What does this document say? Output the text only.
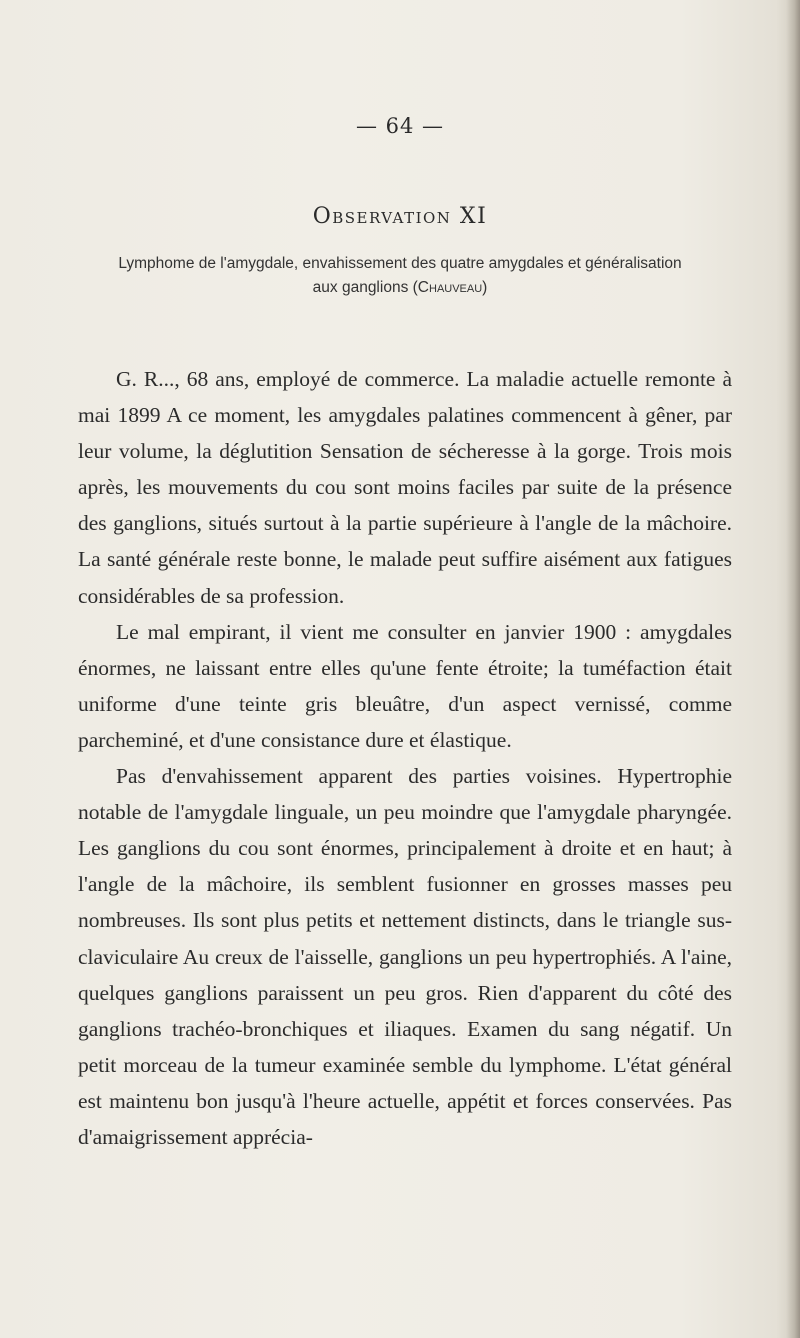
— 64 —
Observation XI
Lymphome de l'amygdale, envahissement des quatre amygdales et généralisation
aux ganglions (Chauveau)

G. R..., 68 ans, employé de commerce. La maladie actuelle remonte à mai 1899 A ce moment, les amygdales palatines commencent à gêner, par leur volume, la déglutition Sensation de sécheresse à la gorge. Trois mois après, les mouvements du cou sont moins faciles par suite de la présence des ganglions, situés surtout à la partie supérieure à l'angle de la mâchoire. La santé générale reste bonne, le malade peut suffire aisément aux fatigues considérables de sa profession.

Le mal empirant, il vient me consulter en janvier 1900 : amygdales énormes, ne laissant entre elles qu'une fente étroite; la tuméfaction était uniforme d'une teinte gris bleuâtre, d'un aspect vernissé, comme parcheminé, et d'une consistance dure et élastique.

Pas d'envahissement apparent des parties voisines. Hypertrophie notable de l'amygdale linguale, un peu moindre que l'amygdale pharyngée. Les ganglions du cou sont énormes, principalement à droite et en haut; à l'angle de la mâchoire, ils semblent fusionner en grosses masses peu nombreuses. Ils sont plus petits et nettement distincts, dans le triangle sus-claviculaire Au creux de l'aisselle, ganglions un peu hypertrophiés. A l'aine, quelques ganglions paraissent un peu gros. Rien d'apparent du côté des ganglions trachéo-bronchiques et iliaques. Examen du sang négatif. Un petit morceau de la tumeur examinée semble du lymphome. L'état général est maintenu bon jusqu'à l'heure actuelle, appétit et forces conservées. Pas d'amaigrissement apprécia-
